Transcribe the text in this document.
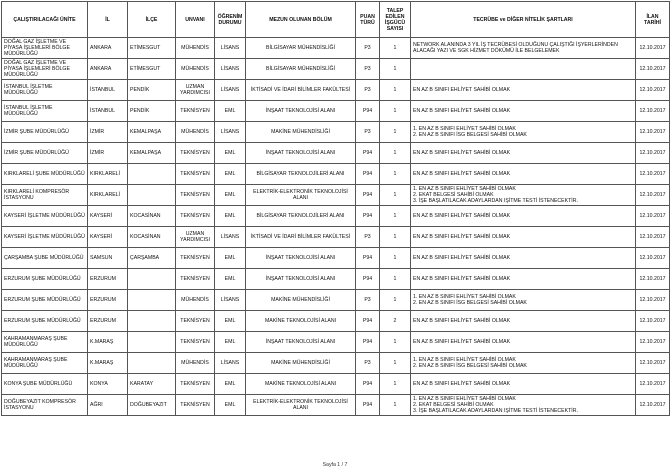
ÇALIŞTIRILACAĞI ÜNİTE	İL	İLÇE	UNVANI	ÖĞRENİM DURUMU	MEZUN OLUNAN BÖLÜM	PUAN TÜRÜ	TALEP EDİLEN İŞGÜCÜ SAYISI	TECRÜBE ve DİĞER NİTELİK ŞARTLARI	İLAN TARİHİ
DOĞAL GAZ İŞLETME VE PİYASA İŞLEMLERİ BÖLGE MÜDÜRLÜĞÜ	ANKARA	ETİMESGUT	MÜHENDİS	LİSANS	BİLGİSAYAR MÜHENDİSLİĞİ	P3	1	NETWORK ALANINDA 3 YIL İŞ TECRÜBESİ OLDUĞUNU ÇALIŞTIĞI İŞYERLERİNDEN ALACAĞI YAZI VE SGK HİZMET DÖKÜMÜ İLE BELGELEMEK	12.10.2017
DOĞAL GAZ İŞLETME VE PİYASA İŞLEMLERİ BÖLGE MÜDÜRLÜĞÜ	ANKARA	ETİMESGUT	MÜHENDİS	LİSANS	BİLGİSAYAR MÜHENDİSLİĞİ	P3	1		12.10.2017
İSTANBUL İŞLETME MÜDÜRLÜĞÜ	İSTANBUL	PENDİK	UZMAN YARDIMCISI	LİSANS	İKTİSADİ VE İDARİ BİLİMLER FAKÜLTESİ	P3	1	EN AZ B SINIFI EHLİYET SAHİBİ OLMAK	12.10.2017
İSTANBUL İŞLETME MÜDÜRLÜĞÜ	İSTANBUL	PENDİK	TEKNİSYEN	EML	İNŞAAT TEKNOLOJİSİ ALANI	P94	1	EN AZ B SINIFI EHLİYET SAHİBİ OLMAK	12.10.2017
İZMİR ŞUBE MÜDÜRLÜĞÜ	İZMİR	KEMALPAŞA	MÜHENDİS	LİSANS	MAKİNE MÜHENDİSLİĞİ	P3	1	1. EN AZ B SINIFI EHLİYET SAHİBİ OLMAK
2. EN AZ B SINIFI İSG BELGESİ SAHİBİ OLMAK	12.10.2017
İZMİR ŞUBE MÜDÜRLÜĞÜ	İZMİR	KEMALPAŞA	TEKNİSYEN	EML	İNŞAAT TEKNOLOJİSİ ALANI	P94	1	EN AZ B SINIFI EHLİYET SAHİBİ OLMAK	12.10.2017
KIRKLARELİ ŞUBE MÜDÜRLÜĞÜ	KIRKLARELİ		TEKNİSYEN	EML	BİLGİSAYAR TEKNOLOJİLERİ ALANI	P94	1	EN AZ B SINIFI EHLİYET SAHİBİ OLMAK	12.10.2017
KIRKLARELİ KOMPRESÖR İSTASYONU	KIRKLARELİ		TEKNİSYEN	EML	ELEKTRİK-ELEKTRONİK TEKNOLOJİSİ ALANI	P94	1	1. EN AZ B SINIFI EHLİYET SAHİBİ OLMAK
2. EKAT BELGESİ SAHİBİ OLMAK
3. İŞE BAŞLATILACAK ADAYLARDAN IŞİTME TESTİ İSTENECEKTİR.	12.10.2017
KAYSERİ İŞLETME MÜDÜRLÜĞÜ	KAYSERİ	KOCASİNAN	TEKNİSYEN	EML	BİLGİSAYAR TEKNOLOJİLERİ ALANI	P94	1	EN AZ B SINIFI EHLİYET SAHİBİ OLMAK	12.10.2017
KAYSERİ İŞLETME MÜDÜRLÜĞÜ	KAYSERİ	KOCASİNAN	UZMAN YARDIMCISI	LİSANS	İKTİSADİ VE İDARİ BİLİMLER FAKÜLTESİ	P3	1	EN AZ B SINIFI EHLİYET SAHİBİ OLMAK	12.10.2017
ÇARŞAMBA ŞUBE MÜDÜRLÜĞÜ	SAMSUN	ÇARŞAMBA	TEKNİSYEN	EML	İNŞAAT TEKNOLOJİSİ ALANI	P94	1	EN AZ B SINIFI EHLİYET SAHİBİ OLMAK	12.10.2017
ERZURUM ŞUBE MÜDÜRLÜĞÜ	ERZURUM		TEKNİSYEN	EML	İNŞAAT TEKNOLOJİSİ ALANI	P94	1	EN AZ B SINIFI EHLİYET SAHİBİ OLMAK	12.10.2017
ERZURUM ŞUBE MÜDÜRLÜĞÜ	ERZURUM		MÜHENDİS	LİSANS	MAKİNE MÜHENDİSLİĞİ	P3	1	1. EN AZ B SINIFI EHLİYET SAHİBİ OLMAK
2. EN AZ B SINIFI İSG BELGESİ SAHİBİ OLMAK	12.10.2017
ERZURUM ŞUBE MÜDÜRLÜĞÜ	ERZURUM		TEKNİSYEN	EML	MAKİNE TEKNOLOJİSİ ALANI	P94	2	EN AZ B SINIFI EHLİYET SAHİBİ OLMAK	12.10.2017
KAHRAMANMARAŞ ŞUBE MÜDÜRLÜĞÜ	K.MARAŞ		TEKNİSYEN	EML	İNŞAAT TEKNOLOJİSİ ALANI	P94	1	EN AZ B SINIFI EHLİYET SAHİBİ OLMAK	12.10.2017
KAHRAMANMARAŞ ŞUBE MÜDÜRLÜĞÜ	K.MARAŞ		MÜHENDİS	LİSANS	MAKİNE MÜHENDİSLİĞİ	P3	1	1. EN AZ B SINIFI EHLİYET SAHİBİ OLMAK
2. EN AZ B SINIFI İSG BELGESİ SAHİBİ OLMAK	12.10.2017
KONYA ŞUBE MÜDÜRLÜĞÜ	KONYA	KARATAY	TEKNİSYEN	EML	MAKİNE TEKNOLOJİSİ ALANI	P94	1	EN AZ B SINIFI EHLİYET SAHİBİ OLMAK	12.10.2017
DOĞUBEYAZIT KOMPRESÖR İSTASYONU	AĞRI	DOĞUBEYAZIT	TEKNİSYEN	EML	ELEKTRİK-ELEKTRONİK TEKNOLOJİSİ ALANI	P94	1	1. EN AZ B SINIFI EHLİYET SAHİBİ OLMAK
2. EKAT BELGESİ SAHİBİ OLMAK
3. İŞE BAŞLATILACAK ADAYLARDAN IŞİTME TESTİ İSTENECEKTİR.	12.10.2017
Sayfa 1 / 7
